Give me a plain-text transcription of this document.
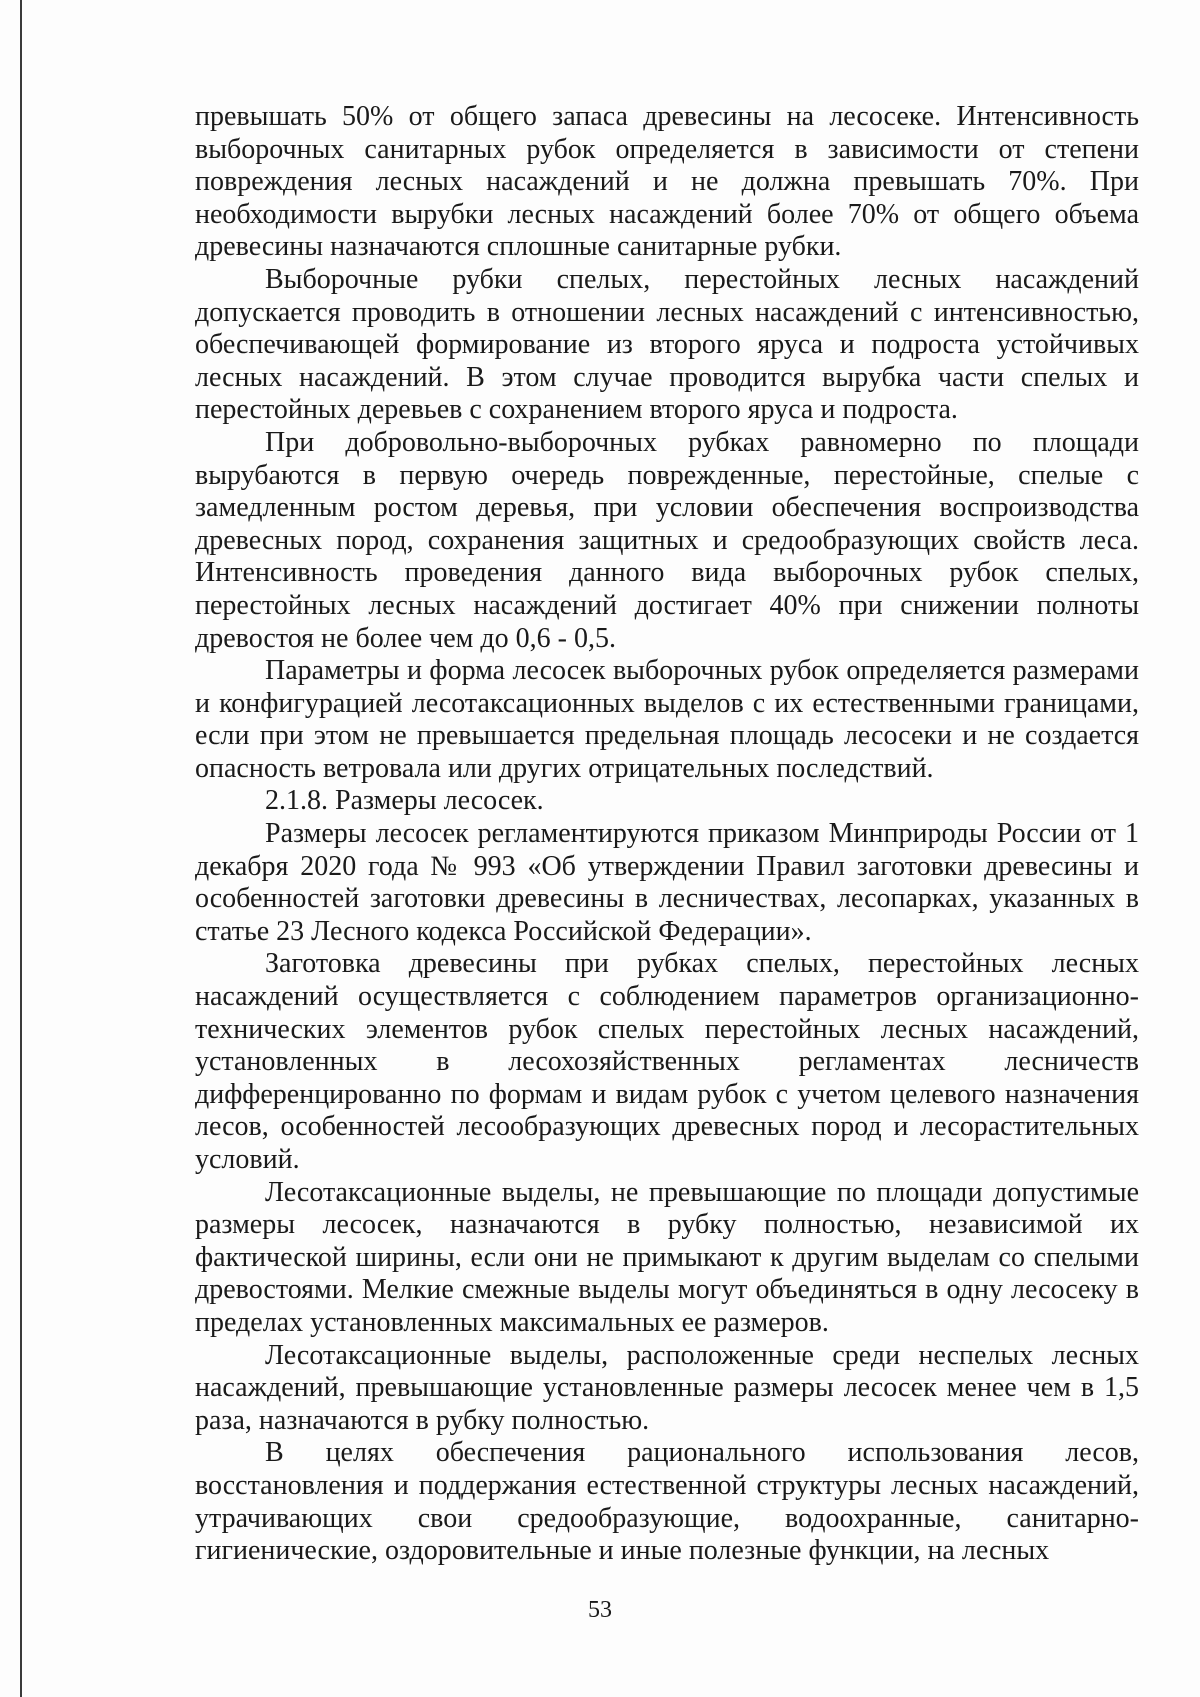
превышать 50% от общего запаса древесины на лесосеке. Интенсивность выборочных санитарных рубок определяется в зависимости от степени повреждения лесных насаждений и не должна превышать 70%. При необходимости вырубки лесных насаждений более 70% от общего объема древесины назначаются сплошные санитарные рубки.

Выборочные рубки спелых, перестойных лесных насаждений допускается проводить в отношении лесных насаждений с интенсивностью, обеспечивающей формирование из второго яруса и подроста устойчивых лесных насаждений. В этом случае проводится вырубка части спелых и перестойных деревьев с сохранением второго яруса и подроста.

При добровольно-выборочных рубках равномерно по площади вырубаются в первую очередь поврежденные, перестойные, спелые с замедленным ростом деревья, при условии обеспечения воспроизводства древесных пород, сохранения защитных и средообразующих свойств леса. Интенсивность проведения данного вида выборочных рубок спелых, перестойных лесных насаждений достигает 40% при снижении полноты древостоя не более чем до 0,6 - 0,5.

Параметры и форма лесосек выборочных рубок определяется размерами и конфигурацией лесотаксационных выделов с их естественными границами, если при этом не превышается предельная площадь лесосеки и не создается опасность ветровала или других отрицательных последствий.

2.1.8. Размеры лесосек.

Размеры лесосек регламентируются приказом Минприроды России от 1 декабря 2020 года № 993 «Об утверждении Правил заготовки древесины и особенностей заготовки древесины в лесничествах, лесопарках, указанных в статье 23 Лесного кодекса Российской Федерации».

Заготовка древесины при рубках спелых, перестойных лесных насаждений осуществляется с соблюдением параметров организационно-технических элементов рубок спелых перестойных лесных насаждений, установленных в лесохозяйственных регламентах лесничеств дифференцированно по формам и видам рубок с учетом целевого назначения лесов, особенностей лесообразующих древесных пород и лесорастительных условий.

Лесотаксационные выделы, не превышающие по площади допустимые размеры лесосек, назначаются в рубку полностью, независимой их фактической ширины, если они не примыкают к другим выделам со спелыми древостоями. Мелкие смежные выделы могут объединяться в одну лесосеку в пределах установленных максимальных ее размеров.

Лесотаксационные выделы, расположенные среди неспелых лесных насаждений, превышающие установленные размеры лесосек менее чем в 1,5 раза, назначаются в рубку полностью.

В целях обеспечения рационального использования лесов, восстановления и поддержания естественной структуры лесных насаждений, утрачивающих свои средообразующие, водоохранные, санитарно-гигиенические, оздоровительные и иные полезные функции, на лесных

53
